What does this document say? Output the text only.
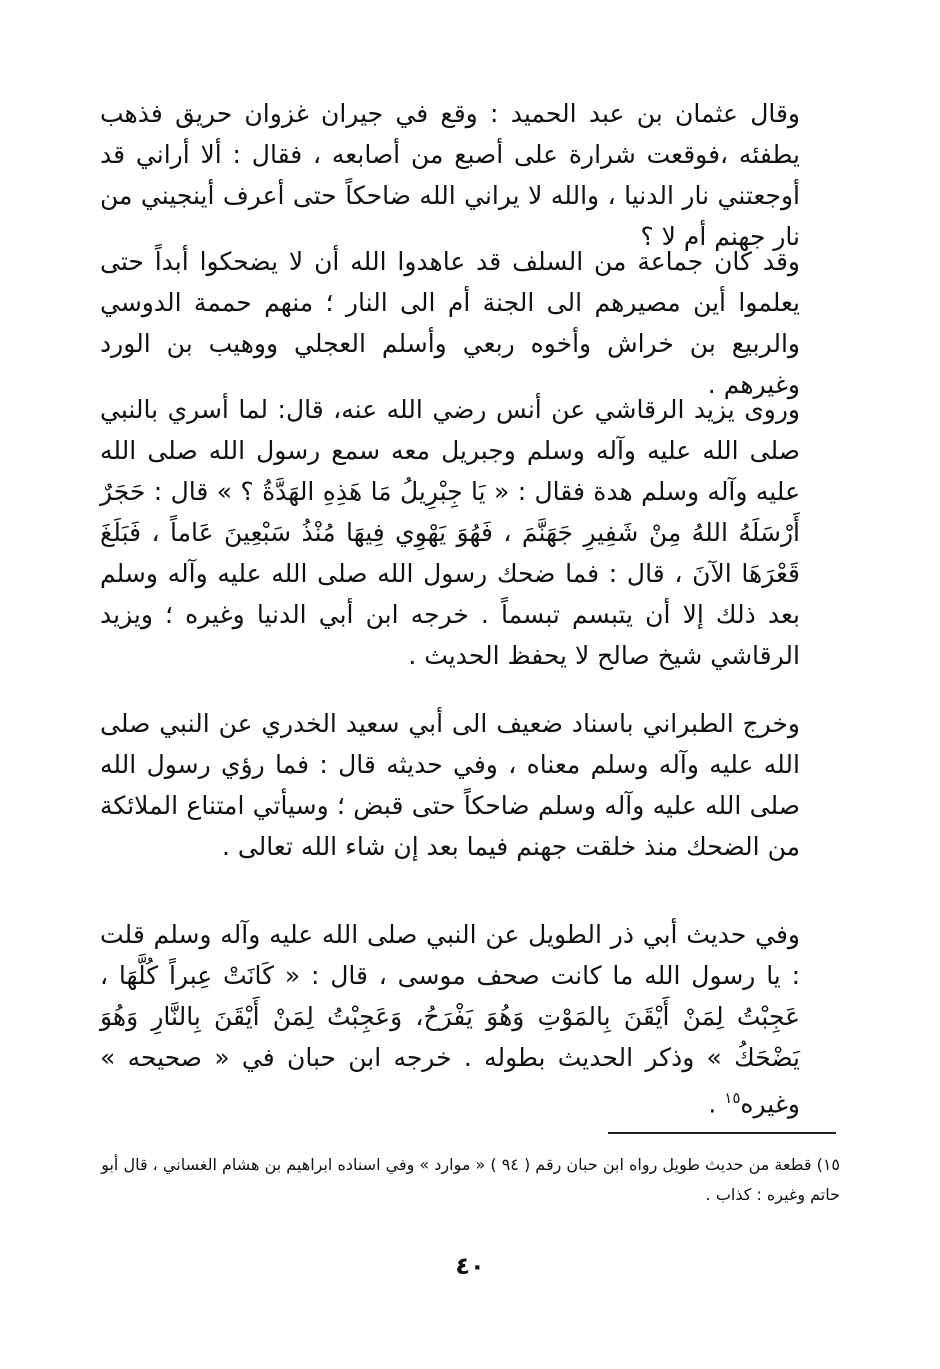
وقال عثمان بن عبد الحميد : وقع في جيران غزوان حريق فذهب يطفئه ،فوقعت شرارة على أصبع من أصابعه ، فقال : ألا أراني قد أوجعتني نار الدنيا ، والله لا يراني الله ضاحكاً حتى أعرف أينجيني من نار جهنم أم لا ؟

وقد كان جماعة من السلف قد عاهدوا الله أن لا يضحكوا أبداً حتى يعلموا أين مصيرهم الى الجنة أم الى النار ؛ منهم حممة الدوسي والربيع بن خراش وأخوه ربعي وأسلم العجلي ووهيب بن الورد وغيرهم .

وروى يزيد الرقاشي عن أنس رضي الله عنه، قال: لما أسري بالنبي صلى الله عليه وآله وسلم وجبريل معه سمع رسول الله صلى الله عليه وآله وسلم هدة فقال : « يَا جِبْرِيلُ مَا هَذِهِ الهَدَّةُ ؟ » قال : حَجَرٌ أَرْسَلَهُ اللهُ مِنْ شَفِيرِ جَهَنَّمَ ، فَهُوَ يَهْوِي فِيهَا مُنْذُ سَبْعِينَ عَاماً ، فَبَلَغَ قَعْرَهَا الآنَ ، قال : فما ضحك رسول الله صلى الله عليه وآله وسلم بعد ذلك إلا أن يتبسم تبسماً . خرجه ابن أبي الدنيا وغيره ؛ ويزيد الرقاشي شيخ صالح لا يحفظ الحديث .

وخرج الطبراني باسناد ضعيف الى أبي سعيد الخدري عن النبي صلى الله عليه وآله وسلم معناه ، وفي حديثه قال : فما رؤي رسول الله صلى الله عليه وآله وسلم ضاحكاً حتى قبض ؛ وسيأتي امتناع الملائكة من الضحك منذ خلقت جهنم فيما بعد إن شاء الله تعالى .

وفي حديث أبي ذر الطويل عن النبي صلى الله عليه وآله وسلم قلت : يا رسول الله ما كانت صحف موسى ، قال : « كَانَتْ عِبراً كُلَّهَا ، عَجِبْتُ لِمَنْ أَيْقَنَ بِالمَوْتِ وَهُوَ يَفْرَحُ، وَعَجِبْتُ لِمَنْ أَيْقَنَ بِالنَّارِ وَهُوَ يَضْحَكُ » وذكر الحديث بطوله . خرجه ابن حبان في « صحيحه » وغيره$^{١٥}$ .

١٥) قطعة من حديث طويل رواه ابن حبان رقم ( ٩٤ ) « موارد » وفي اسناده ابراهيم بن هشام الغساني ، قال أبو حاتم وغيره : كذاب .

٤٠
